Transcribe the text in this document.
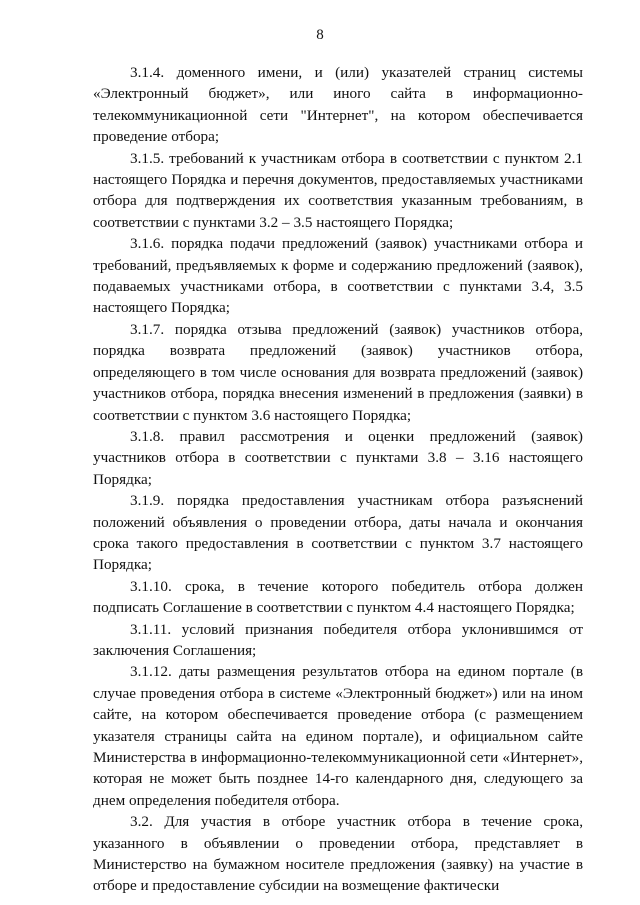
8

3.1.4. доменного имени, и (или) указателей страниц системы «Электронный бюджет», или иного сайта в информационно-телекоммуникационной сети "Интернет", на котором обеспечивается проведение отбора;

3.1.5. требований к участникам отбора в соответствии с пунктом 2.1 настоящего Порядка и перечня документов, предоставляемых участниками отбора для подтверждения их соответствия указанным требованиям, в соответствии с пунктами 3.2 – 3.5 настоящего Порядка;

3.1.6. порядка подачи предложений (заявок) участниками отбора и требований, предъявляемых к форме и содержанию предложений (заявок), подаваемых участниками отбора, в соответствии с пунктами 3.4, 3.5 настоящего Порядка;

3.1.7. порядка отзыва предложений (заявок) участников отбора, порядка возврата предложений (заявок) участников отбора, определяющего в том числе основания для возврата предложений (заявок) участников отбора, порядка внесения изменений в предложения (заявки) в соответствии с пунктом 3.6 настоящего Порядка;

3.1.8. правил рассмотрения и оценки предложений (заявок) участников отбора в соответствии с пунктами 3.8 – 3.16 настоящего Порядка;

3.1.9. порядка предоставления участникам отбора разъяснений положений объявления о проведении отбора, даты начала и окончания срока такого предоставления в соответствии с пунктом 3.7 настоящего Порядка;

3.1.10. срока, в течение которого победитель отбора должен подписать Соглашение в соответствии с пунктом 4.4 настоящего Порядка;

3.1.11. условий признания победителя отбора уклонившимся от заключения Соглашения;

3.1.12. даты размещения результатов отбора на едином портале (в случае проведения отбора в системе «Электронный бюджет») или на ином сайте, на котором обеспечивается проведение отбора (с размещением указателя страницы сайта на едином портале), и официальном сайте Министерства в информационно-телекоммуникационной сети «Интернет», которая не может быть позднее 14-го календарного дня, следующего за днем определения победителя отбора.

3.2. Для участия в отборе участник отбора в течение срока, указанного в объявлении о проведении отбора, представляет в Министерство на бумажном носителе предложения (заявку) на участие в отборе и предоставление субсидии на возмещение фактически
